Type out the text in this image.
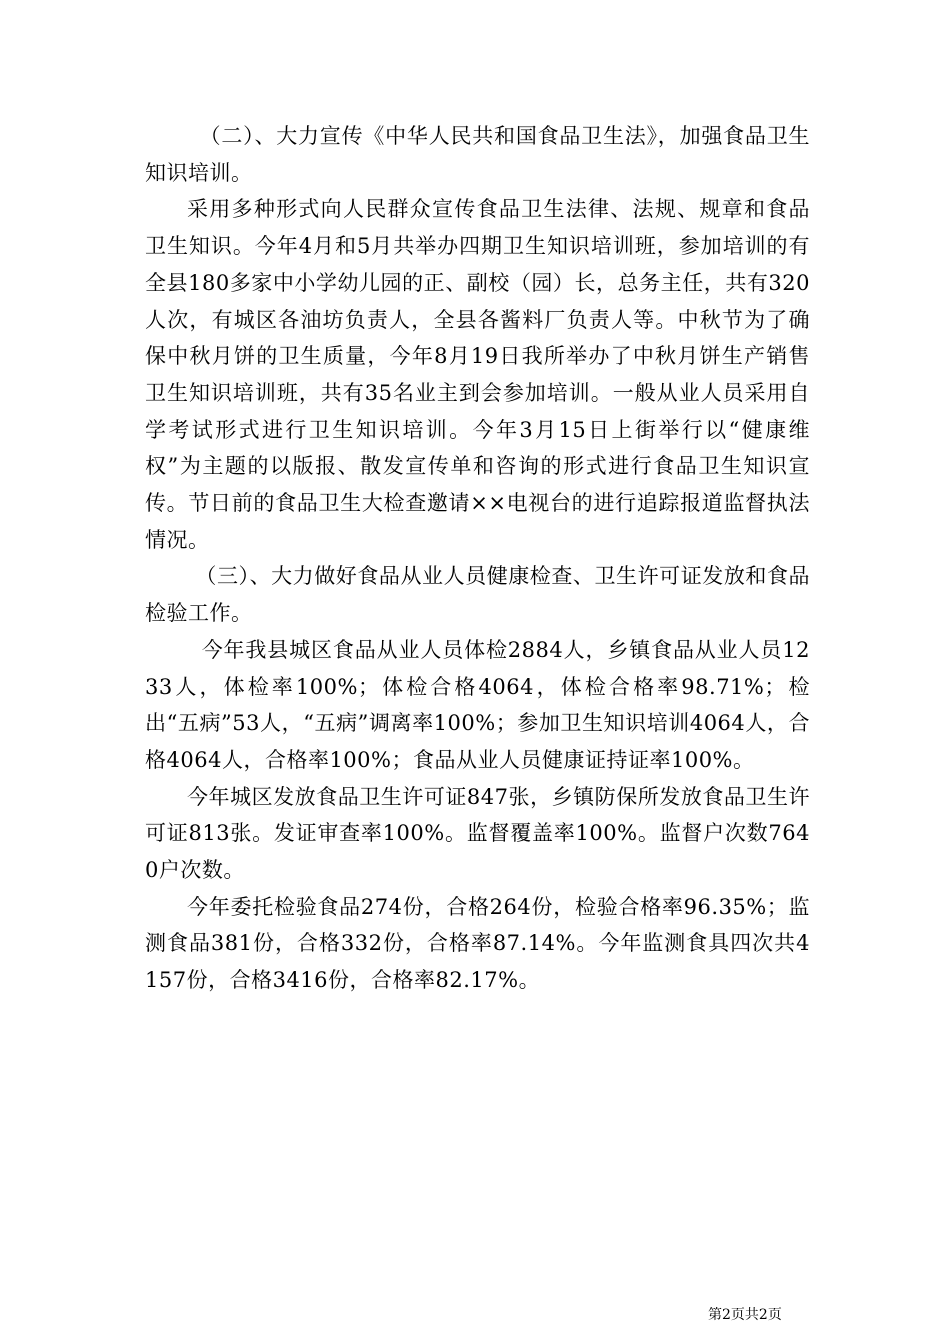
（二）、大力宣传《中华人民共和国食品卫生法》，加强食品卫生知识培训。

采用多种形式向人民群众宣传食品卫生法律、法规、规章和食品卫生知识。今年4月和5月共举办四期卫生知识培训班，参加培训的有全县180多家中小学幼儿园的正、副校（园）长，总务主任，共有320人次，有城区各油坊负责人，全县各酱料厂负责人等。中秋节为了确保中秋月饼的卫生质量，今年8月19日我所举办了中秋月饼生产销售卫生知识培训班，共有35名业主到会参加培训。一般从业人员采用自学考试形式进行卫生知识培训。今年3月15日上街举行以“健康维权”为主题的以版报、散发宣传单和咨询的形式进行食品卫生知识宣传。节日前的食品卫生大检查邀请××电视台的进行追踪报道监督执法情况。

（三）、大力做好食品从业人员健康检查、卫生许可证发放和食品检验工作。

今年我县城区食品从业人员体检2884人，乡镇食品从业人员1233人，体检率100%；体检合格4064，体检合格率98.71%；检出“五病”53人，“五病”调离率100%；参加卫生知识培训4064人，合格4064人，合格率100%；食品从业人员健康证持证率100%。

今年城区发放食品卫生许可证847张，乡镇防保所发放食品卫生许可证813张。发证审查率100%。监督覆盖率100%。监督户次数7640户次数。

今年委托检验食品274份，合格264份，检验合格率96.35%；监测食品381份，合格332份，合格率87.14%。今年监测食具四次共4157份，合格3416份，合格率82.17%。

第2页共2页
